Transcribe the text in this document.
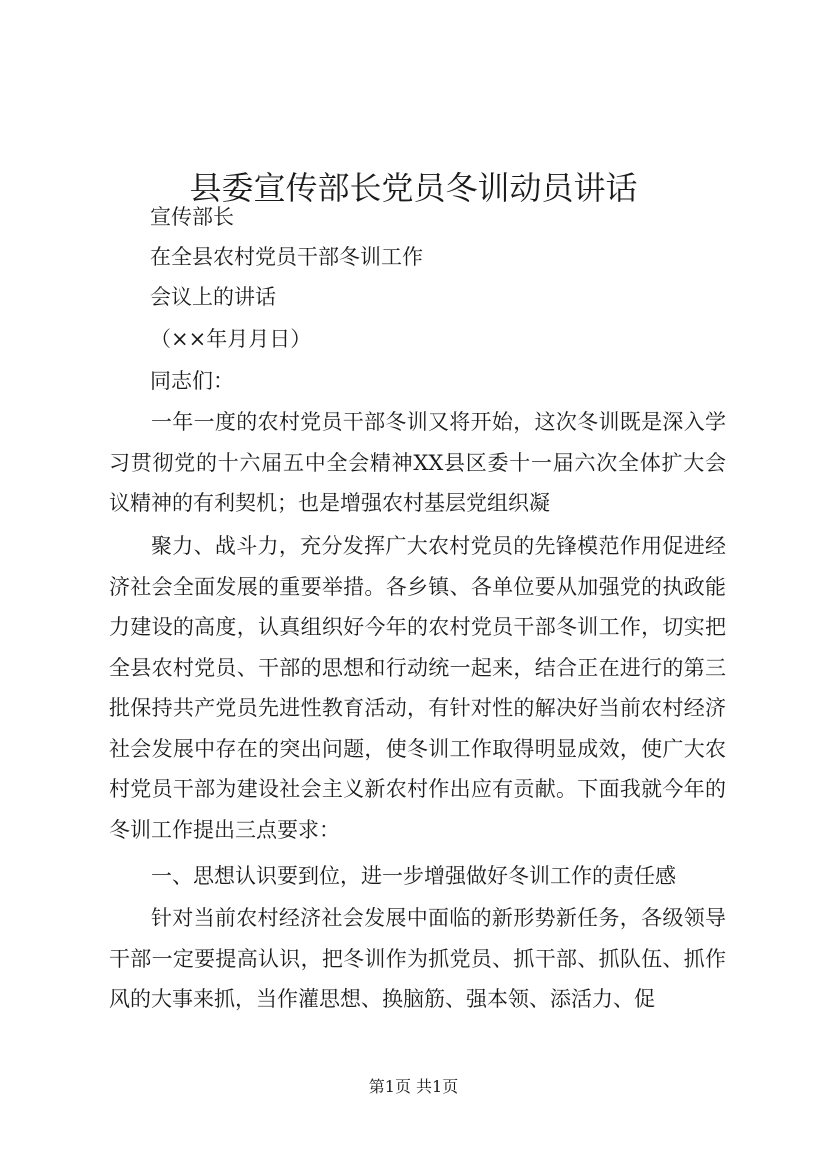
县委宣传部长党员冬训动员讲话
宣传部长
在全县农村党员干部冬训工作
会议上的讲话
（××年月月日）
同志们：

一年一度的农村党员干部冬训又将开始，这次冬训既是深入学习贯彻党的十六届五中全会精神XX县区委十一届六次全体扩大会议精神的有利契机；也是增强农村基层党组织凝

聚力、战斗力，充分发挥广大农村党员的先锋模范作用促进经济社会全面发展的重要举措。各乡镇、各单位要从加强党的执政能力建设的高度，认真组织好今年的农村党员干部冬训工作，切实把全县农村党员、干部的思想和行动统一起来，结合正在进行的第三批保持共产党员先进性教育活动，有针对性的解决好当前农村经济社会发展中存在的突出问题，使冬训工作取得明显成效，使广大农村党员干部为建设社会主义新农村作出应有贡献。下面我就今年的冬训工作提出三点要求：

一、思想认识要到位，进一步增强做好冬训工作的责任感

针对当前农村经济社会发展中面临的新形势新任务，各级领导干部一定要提高认识，把冬训作为抓党员、抓干部、抓队伍、抓作风的大事来抓，当作灌思想、换脑筋、强本领、添活力、促

第1页 共1页
